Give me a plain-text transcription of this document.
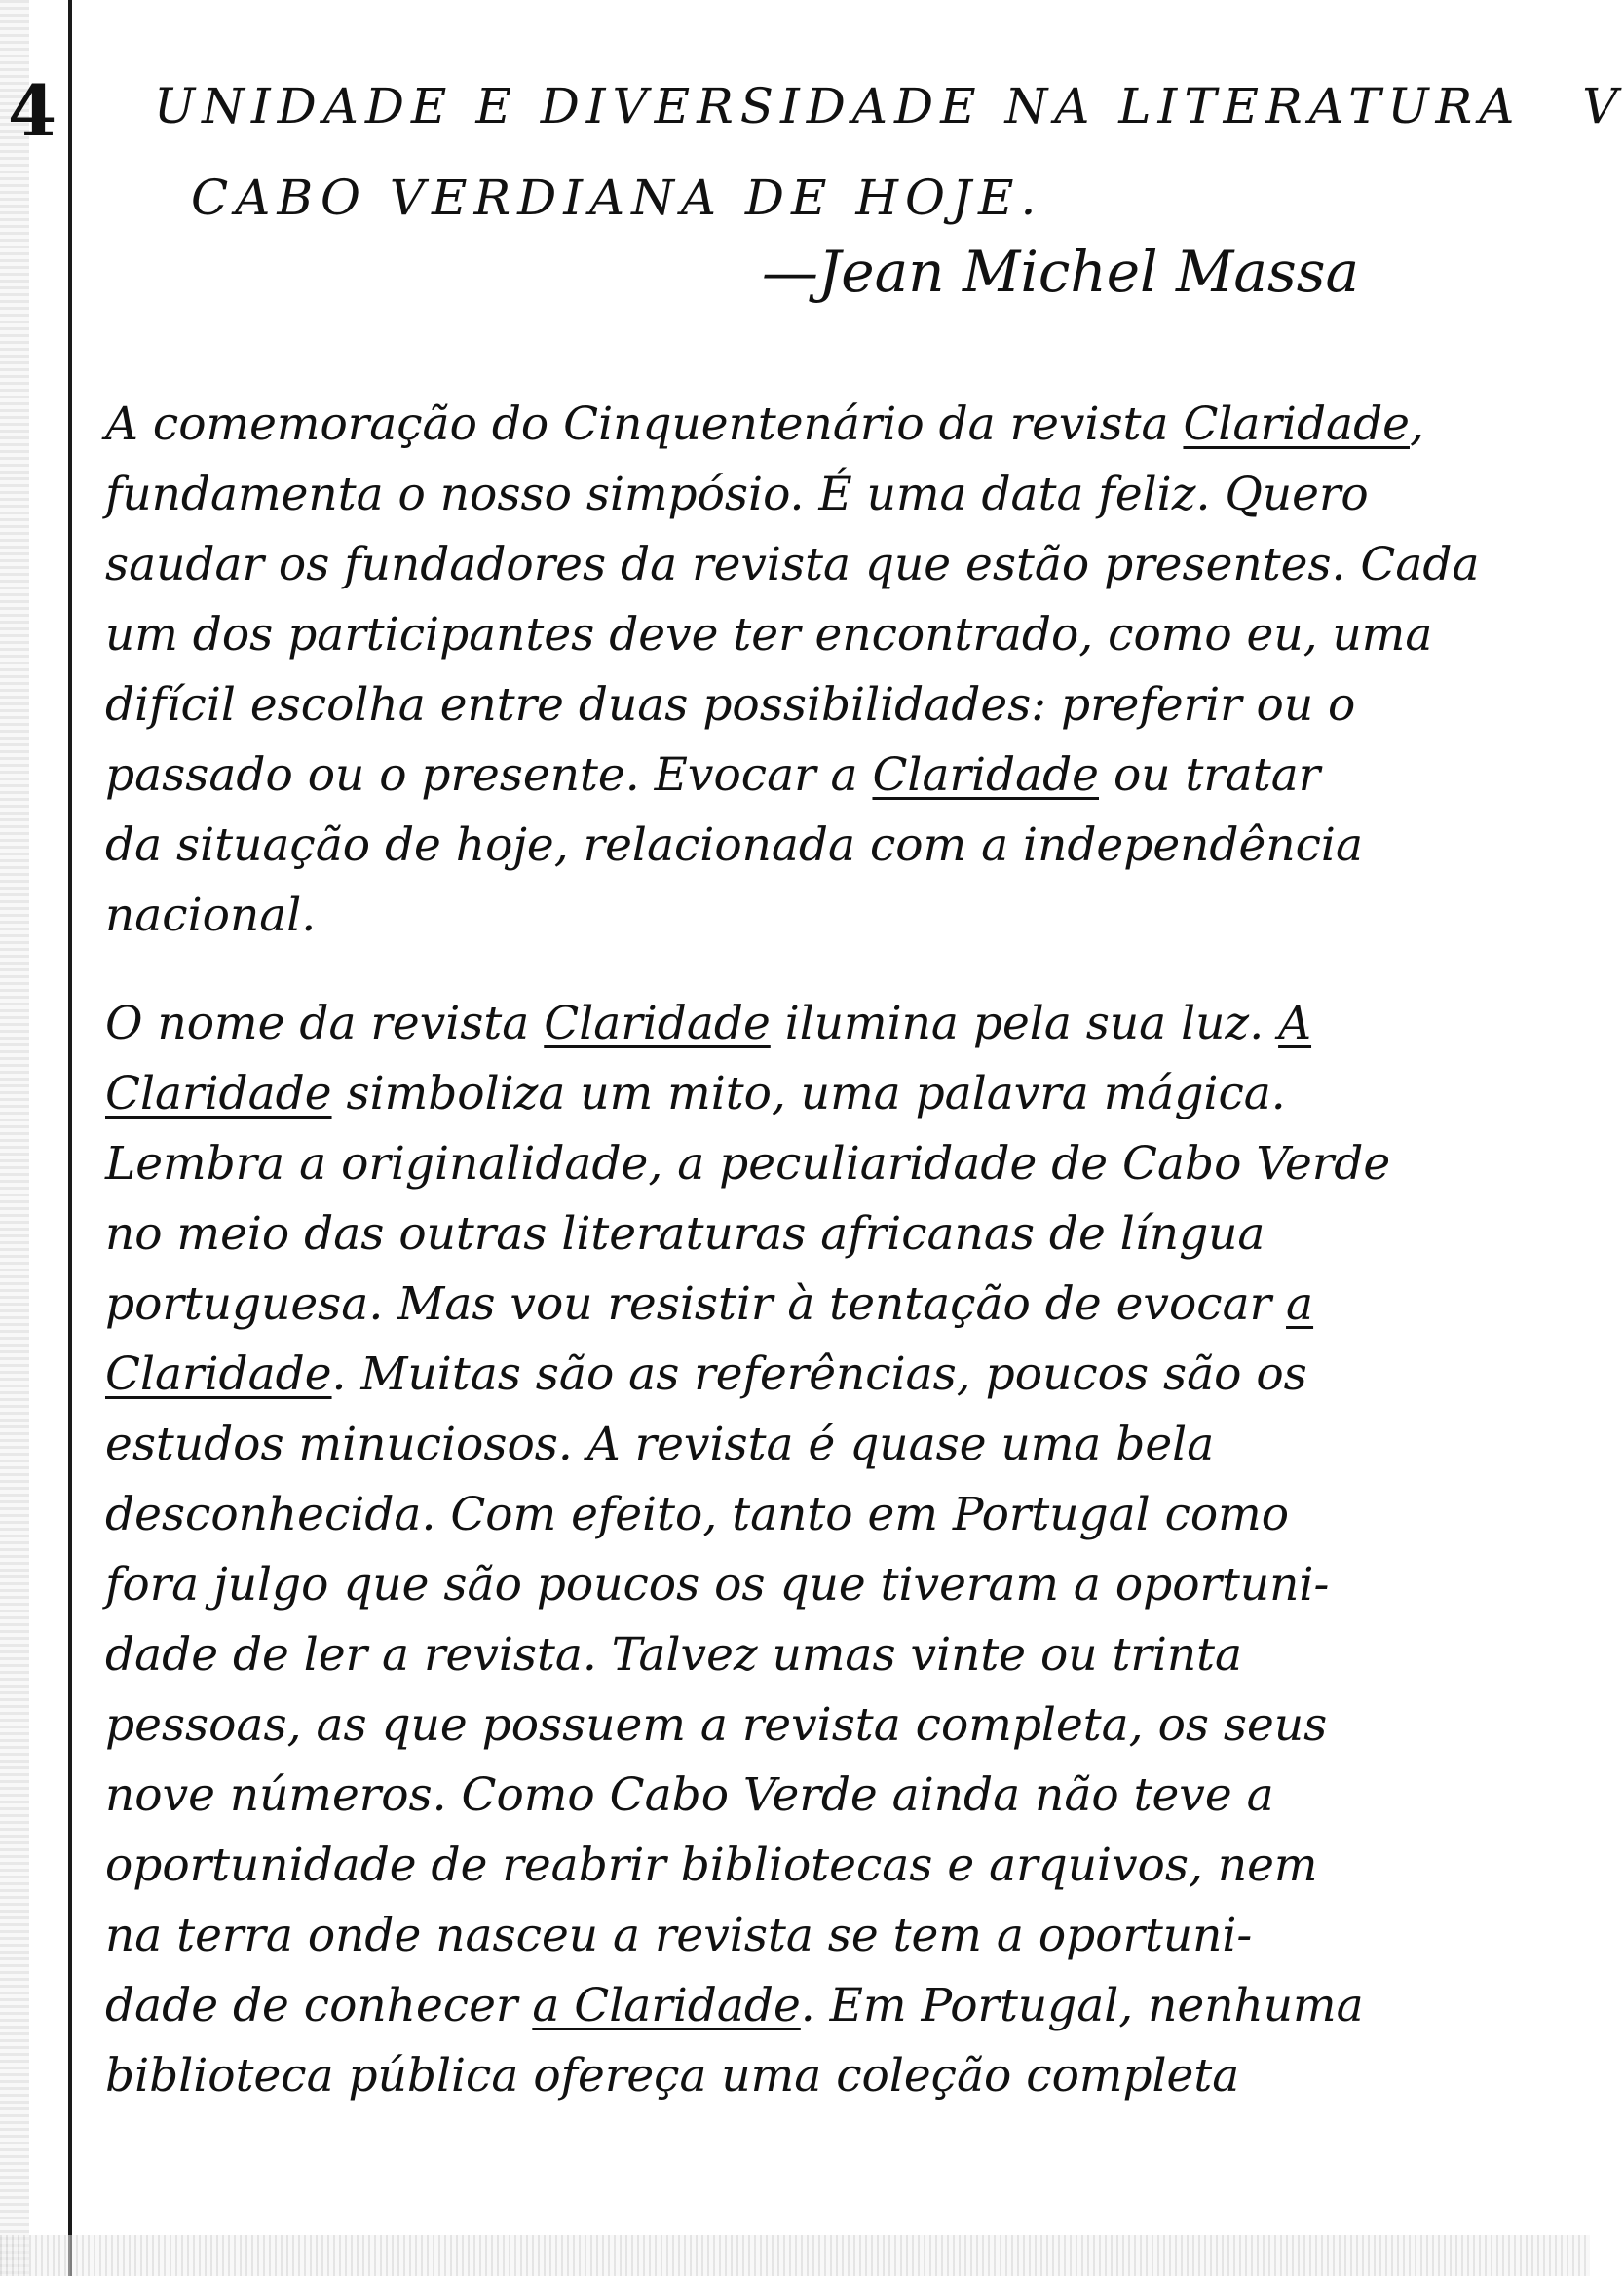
4 UNIDADE E DIVERSIDADE NA LITERATURA V
CABO VERDIANA DE HOJE.
—Jean Michel Massa
A comemoração do Cinquentenário da revista Claridade,
fundamenta o nosso simpósio. É uma data feliz. Quero
saudar os fundadores da revista que estão presentes. Cada
um dos participantes deve ter encontrado, como eu, uma
difícil escolha entre duas possibilidades: preferir ou o
passado ou o presente. Evocar a Claridade ou tratar
da situação de hoje, relacionada com a independência
nacional.
O nome da revista Claridade ilumina pela sua luz. A
Claridade simboliza um mito, uma palavra mágica.
Lembra a originalidade, a peculiaridade de Cabo Verde
no meio das outras literaturas africanas de língua
portuguesa. Mas vou resistir à tentação de evocar a
Claridade. Muitas são as referências, poucos são os
estudos minuciosos. A revista é quase uma bela
desconhecida. Com efeito, tanto em Portugal como
fora julgo que são poucos os que tiveram a oportuni-
dade de ler a revista. Talvez umas vinte ou trinta
pessoas, as que possuem a revista completa, os seus
nove números. Como Cabo Verde ainda não teve a
oportunidade de reabrir bibliotecas e arquivos, nem
na terra onde nasceu a revista se tem a oportuni-
dade de conhecer a Claridade. Em Portugal, nenhuma
biblioteca pública ofereça uma coleção completa
